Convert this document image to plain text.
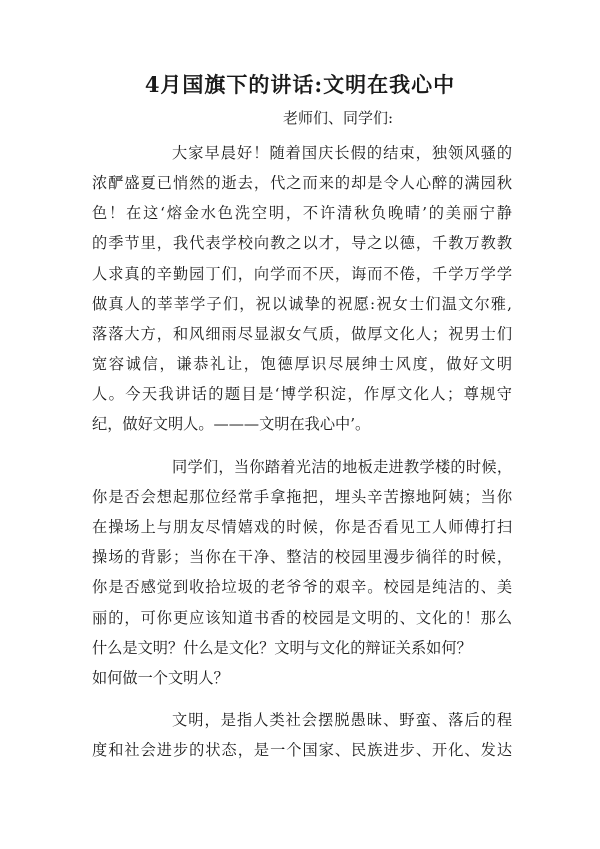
4月国旗下的讲话:文明在我心中
老师们、同学们:
大家早晨好！随着国庆长假的结束，独领风骚的
浓酽盛夏已悄然的逝去，代之而来的却是令人心醉的满园秋
色！在这‘熔金水色洗空明，不许清秋负晚晴’的美丽宁静
的季节里，我代表学校向教之以才，导之以德，千教万教教
人求真的辛勤园丁们，向学而不厌，诲而不倦，千学万学学
做真人的莘莘学子们，祝以诚挚的祝愿:祝女士们温文尔雅,
落落大方，和风细雨尽显淑女气质，做厚文化人；祝男士们
宽容诚信，谦恭礼让，饱德厚识尽展绅士风度，做好文明
人。今天我讲话的题目是‘博学积淀，作厚文化人；尊规守
纪，做好文明人。———文明在我心中’。
同学们，当你踏着光洁的地板走进教学楼的时候，
你是否会想起那位经常手拿拖把，埋头辛苦擦地阿姨；当你
在操场上与朋友尽情嬉戏的时候，你是否看见工人师傅打扫
操场的背影；当你在干净、整洁的校园里漫步徜徉的时候，
你是否感觉到收拾垃圾的老爷爷的艰辛。校园是纯洁的、美
丽的，可你更应该知道书香的校园是文明的、文化的！那么
什么是文明？什么是文化？文明与文化的辩证关系如何？
如何做一个文明人？
文明，是指人类社会摆脱愚昧、野蛮、落后的程
度和社会进步的状态，是一个国家、民族进步、开化、发达
